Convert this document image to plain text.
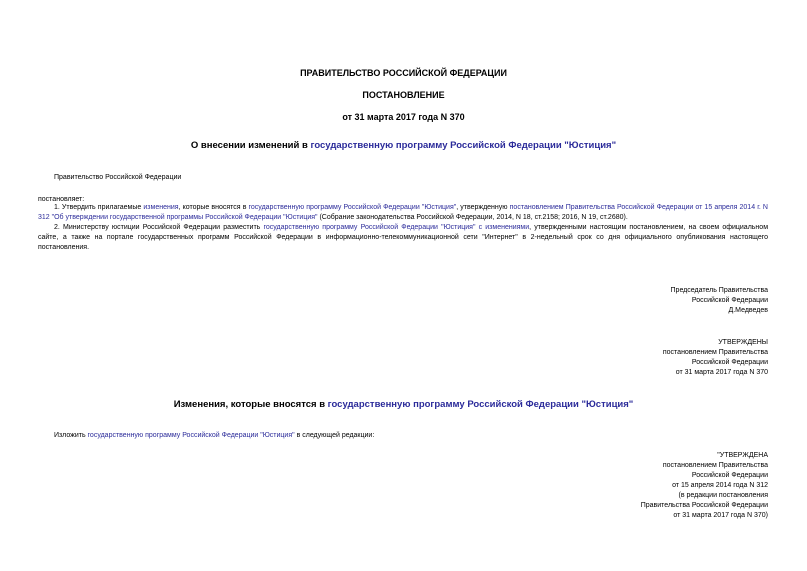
ПРАВИТЕЛЬСТВО РОССИЙСКОЙ ФЕДЕРАЦИИ
ПОСТАНОВЛЕНИЕ
от 31 марта 2017 года N 370
О внесении изменений в государственную программу Российской Федерации "Юстиция"
Правительство Российской Федерации
постановляет:
1. Утвердить прилагаемые изменения, которые вносятся в государственную программу Российской Федерации "Юстиция", утвержденную постановлением Правительства Российской Федерации от 15 апреля 2014 г. N 312 "Об утверждении государственной программы Российской Федерации "Юстиция" (Собрание законодательства Российской Федерации, 2014, N 18, ст.2158; 2016, N 19, ст.2680).
2. Министерству юстиции Российской Федерации разместить государственную программу Российской Федерации "Юстиция" с изменениями, утвержденными настоящим постановлением, на своем официальном сайте, а также на портале государственных программ Российской Федерации в информационно-телекоммуникационной сети "Интернет" в 2-недельный срок со дня официального опубликования настоящего постановления.
Председатель Правительства
Российской Федерации
Д.Медведев
УТВЕРЖДЕНЫ
постановлением Правительства
Российской Федерации
от 31 марта 2017 года N 370
Изменения, которые вносятся в государственную программу Российской Федерации "Юстиция"
Изложить государственную программу Российской Федерации "Юстиция" в следующей редакции:
"УТВЕРЖДЕНА
постановлением Правительства
Российской Федерации
от 15 апреля 2014 года N 312
(в редакции постановления
Правительства Российской Федерации
от 31 марта 2017 года N 370)
